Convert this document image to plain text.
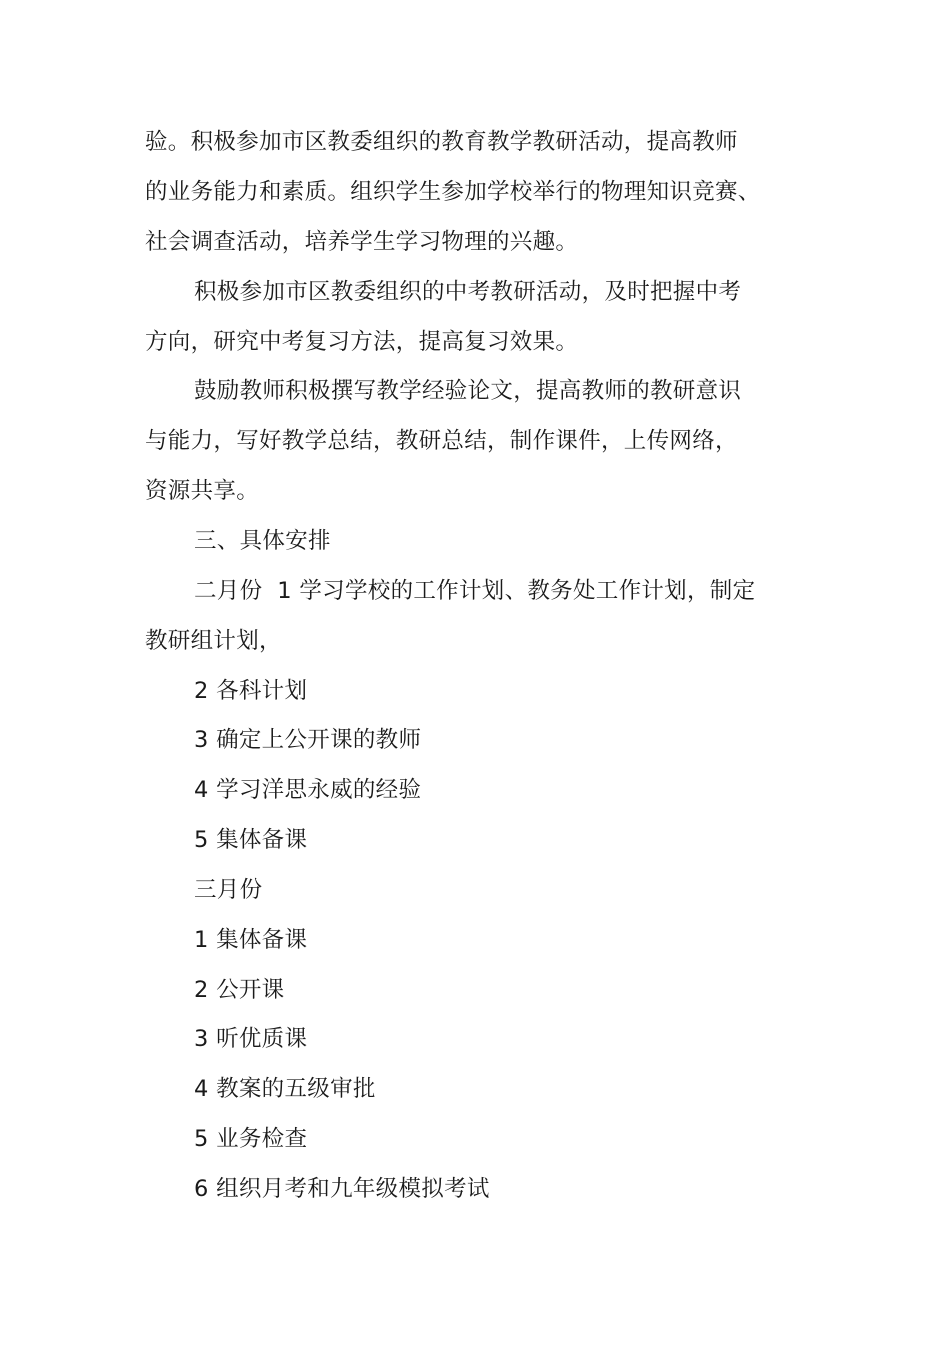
验。积极参加市区教委组织的教育教学教研活动，提高教师
的业务能力和素质。组织学生参加学校举行的物理知识竞赛、
社会调查活动，培养学生学习物理的兴趣。
积极参加市区教委组织的中考教研活动，及时把握中考
方向，研究中考复习方法，提高复习效果。
鼓励教师积极撰写教学经验论文，提高教师的教研意识
与能力，写好教学总结，教研总结，制作课件，上传网络，
资源共享。
三、具体安排
二月份  1 学习学校的工作计划、教务处工作计划，制定
教研组计划，
2 各科计划
3 确定上公开课的教师
4 学习洋思永威的经验
5 集体备课
三月份
1 集体备课
2 公开课
3 听优质课
4 教案的五级审批
5 业务检查
6 组织月考和九年级模拟考试
